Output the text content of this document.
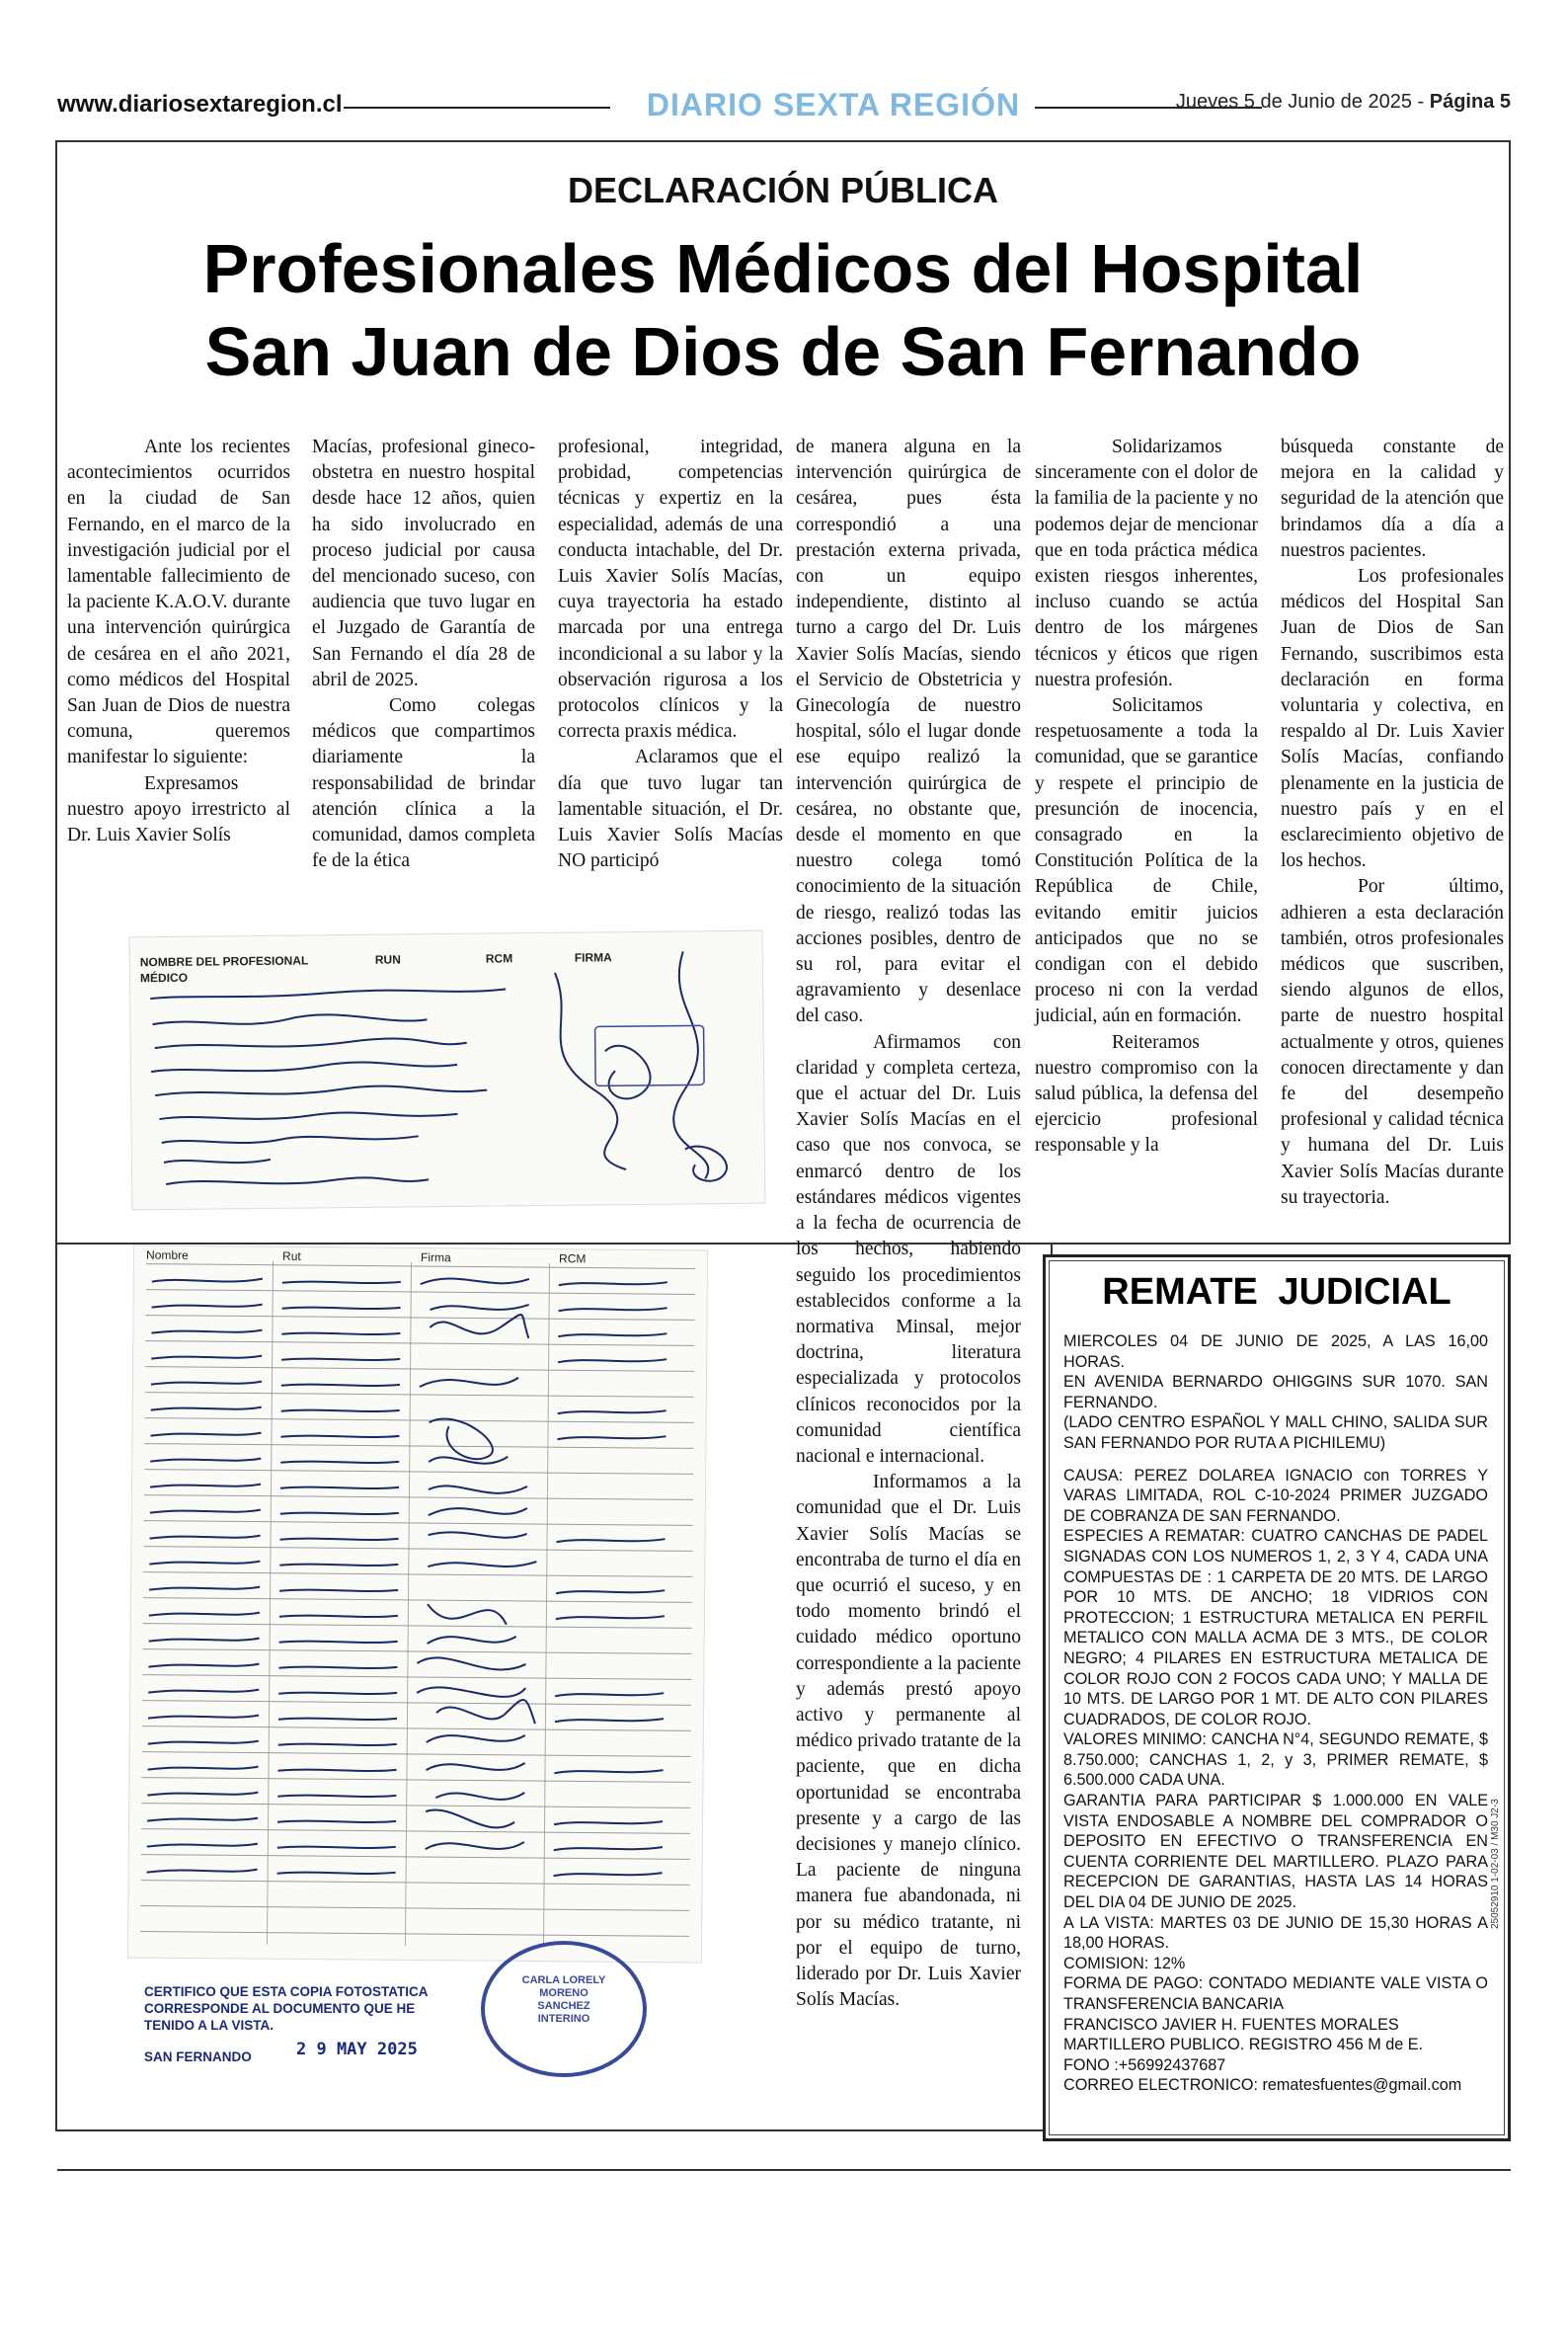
www.diariosextaregion.cl	DIARIO SEXTA REGIÓN	Jueves 5 de Junio de 2025 - Página 5
DECLARACIÓN PÚBLICA
Profesionales Médicos del Hospital
San Juan de Dios de San Fernando

Ante los recientes acontecimientos ocurridos en la ciudad de San Fernando, en el marco de la investigación judicial por el lamentable fallecimiento de la paciente K.A.O.V. durante una intervención quirúrgica de cesárea en el año 2021, como médicos del Hospital San Juan de Dios de nuestra comuna, queremos manifestar lo siguiente:

Expresamos nuestro apoyo irrestricto al Dr. Luis Xavier Solís

Macías, profesional gineco-obstetra en nuestro hospital desde hace 12 años, quien ha sido involucrado en proceso judicial por causa del mencionado suceso, con audiencia que tuvo lugar en el Juzgado de Garantía de San Fernando el día 28 de abril de 2025.

Como colegas médicos que compartimos diariamente la responsabilidad de brindar atención clínica a la comunidad, damos completa fe de la ética

profesional, integridad, probidad, competencias técnicas y expertiz en la especialidad, además de una conducta intachable, del Dr. Luis Xavier Solís Macías, cuya trayectoria ha estado marcada por una entrega incondicional a su labor y la observación rigurosa a los protocolos clínicos y la correcta praxis médica.

Aclaramos que el día que tuvo lugar tan lamentable situación, el Dr. Luis Xavier Solís Macías NO participó

de manera alguna en la intervención quirúrgica de cesárea, pues ésta correspondió a una prestación externa privada, con un equipo independiente, distinto al turno a cargo del Dr. Luis Xavier Solís Macías, siendo el Servicio de Obstetricia y Ginecología de nuestro hospital, sólo el lugar donde ese equipo realizó la intervención quirúrgica de cesárea, no obstante que, desde el momento en que nuestro colega tomó conocimiento de la situación de riesgo, realizó todas las acciones posibles, dentro de su rol, para evitar el agravamiento y desenlace del caso.

Afirmamos con claridad y completa certeza, que el actuar del Dr. Luis Xavier Solís Macías en el caso que nos convoca, se enmarcó dentro de los estándares médicos vigentes a la fecha de ocurrencia de los hechos, habiendo seguido los procedimientos establecidos conforme a la normativa Minsal, mejor doctrina, literatura especializada y protocolos clínicos reconocidos por la comunidad científica nacional e internacional.

Informamos a la comunidad que el Dr. Luis Xavier Solís Macías se encontraba de turno el día en que ocurrió el suceso, y en todo momento brindó el cuidado médico oportuno correspondiente a la paciente y además prestó apoyo activo y permanente al médico privado tratante de la paciente, que en dicha oportunidad se encontraba presente y a cargo de las decisiones y manejo clínico. La paciente de ninguna manera fue abandonada, ni por su médico tratante, ni por el equipo de turno, liderado por Dr. Luis Xavier Solís Macías.

Solidarizamos sinceramente con el dolor de la familia de la paciente y no podemos dejar de mencionar que en toda práctica médica existen riesgos inherentes, incluso cuando se actúa dentro de los márgenes técnicos y éticos que rigen nuestra profesión.

Solicitamos respetuosamente a toda la comunidad, que se garantice y respete el principio de presunción de inocencia, consagrado en la Constitución Política de la República de Chile, evitando emitir juicios anticipados que no se condigan con el debido proceso ni con la verdad judicial, aún en formación.

Reiteramos nuestro compromiso con la salud pública, la defensa del ejercicio profesional responsable y la

búsqueda constante de mejora en la calidad y seguridad de la atención que brindamos día a día a nuestros pacientes.

Los profesionales médicos del Hospital San Juan de Dios de San Fernando, suscribimos esta declaración en forma voluntaria y colectiva, en respaldo al Dr. Luis Xavier Solís Macías, confiando plenamente en la justicia de nuestro país y en el esclarecimiento objetivo de los hechos.

Por último, adhieren a esta declaración también, otros profesionales médicos que suscriben, siendo algunos de ellos, parte de nuestro hospital actualmente y otros, quienes conocen directamente y dan fe del desempeño profesional y calidad técnica y humana del Dr. Luis Xavier Solís Macías durante su trayectoria.

NOMBRE DEL PROFESIONAL
MÉDICO
RUN	RCM	FIRMA
Nombre	Rut	Firma	RCM
CERTIFICO QUE ESTA COPIA FOTOSTATICA
CORRESPONDE AL DOCUMENTO QUE HE
TENIDO A LA VISTA.
SAN FERNANDO	2 9 MAY 2025
CARLA LORELY MORENO SANCHEZ INTERINO
REMATE JUDICIAL

MIERCOLES 04 DE JUNIO DE 2025, A LAS 16,00 HORAS.

EN AVENIDA BERNARDO OHIGGINS SUR 1070. SAN FERNANDO.

(LADO CENTRO ESPAÑOL Y MALL CHINO, SALIDA SUR SAN FERNANDO POR RUTA A PICHILEMU)

CAUSA: PEREZ DOLAREA IGNACIO con TORRES Y VARAS LIMITADA, ROL C-10-2024 PRIMER JUZGADO DE COBRANZA DE SAN FERNANDO.

ESPECIES A REMATAR: CUATRO CANCHAS DE PADEL SIGNADAS CON LOS NUMEROS 1, 2, 3 Y 4, CADA UNA COMPUESTAS DE : 1 CARPETA DE 20 MTS. DE LARGO POR 10 MTS. DE ANCHO; 18 VIDRIOS CON PROTECCION; 1 ESTRUCTURA METALICA EN PERFIL METALICO CON MALLA ACMA DE 3 MTS., DE COLOR NEGRO; 4 PILARES EN ESTRUCTURA METALICA DE COLOR ROJO CON 2 FOCOS CADA UNO; Y MALLA DE 10 MTS. DE LARGO POR 1 MT. DE ALTO CON PILARES CUADRADOS, DE COLOR ROJO.

VALORES MINIMO: CANCHA N°4, SEGUNDO REMATE, $ 8.750.000; CANCHAS 1, 2, y 3, PRIMER REMATE, $ 6.500.000 CADA UNA.

GARANTIA PARA PARTICIPAR $ 1.000.000 EN VALE VISTA ENDOSABLE A NOMBRE DEL COMPRADOR O DEPOSITO EN EFECTIVO O TRANSFERENCIA EN CUENTA CORRIENTE DEL MARTILLERO. PLAZO PARA RECEPCION DE GARANTIAS, HASTA LAS 14 HORAS DEL DIA 04 DE JUNIO DE 2025.

A LA VISTA: MARTES 03 DE JUNIO DE 15,30 HORAS A 18,00 HORAS.

COMISION: 12%

FORMA DE PAGO: CONTADO MEDIANTE VALE VISTA O TRANSFERENCIA BANCARIA

FRANCISCO JAVIER H. FUENTES MORALES

MARTILLERO PUBLICO. REGISTRO 456 M de E.

FONO :+56992437687

CORREO ELECTRONICO: rematesfuentes@gmail.com

25052910 1-02-03 / M30 J2-3
